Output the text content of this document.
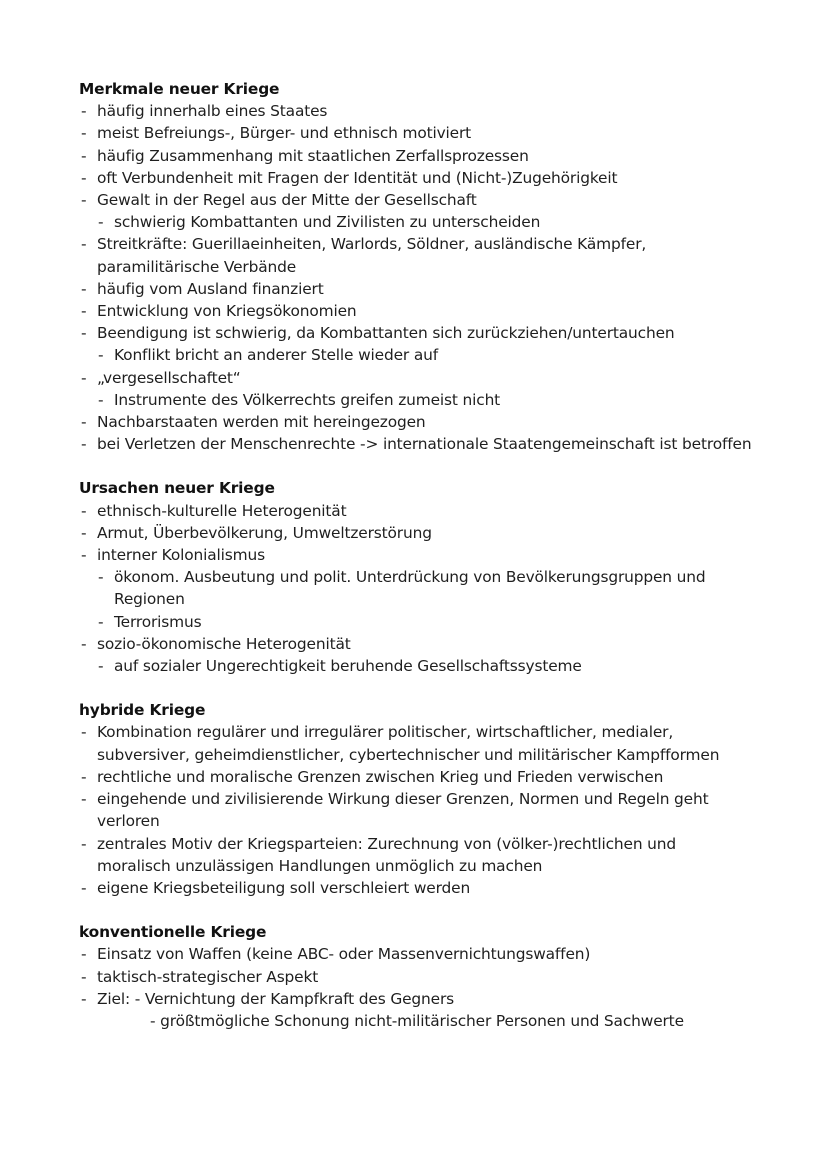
Merkmale neuer Kriege
- häufig innerhalb eines Staates
- meist Befreiungs-, Bürger- und ethnisch motiviert
- häufig Zusammenhang mit staatlichen Zerfallsprozessen
- oft Verbundenheit mit Fragen der Identität und (Nicht-)Zugehörigkeit
- Gewalt in der Regel aus der Mitte der Gesellschaft
- schwierig Kombattanten und Zivilisten zu unterscheiden
- Streitkräfte: Guerillaeinheiten, Warlords, Söldner, ausländische Kämpfer,
paramilitärische Verbände
- häufig vom Ausland finanziert
- Entwicklung von Kriegsökonomien
- Beendigung ist schwierig, da Kombattanten sich zurückziehen/untertauchen
- Konflikt bricht an anderer Stelle wieder auf
- „vergesellschaftet“
- Instrumente des Völkerrechts greifen zumeist nicht
- Nachbarstaaten werden mit hereingezogen
- bei Verletzen der Menschenrechte -> internationale Staatengemeinschaft ist betroffen
Ursachen neuer Kriege
- ethnisch-kulturelle Heterogenität
- Armut, Überbevölkerung, Umweltzerstörung
- interner Kolonialismus
- ökonom. Ausbeutung und polit. Unterdrückung von Bevölkerungsgruppen und
Regionen
- Terrorismus
- sozio-ökonomische Heterogenität
- auf sozialer Ungerechtigkeit beruhende Gesellschaftssysteme
hybride Kriege
- Kombination regulärer und irregulärer politischer, wirtschaftlicher, medialer,
subversiver, geheimdienstlicher, cybertechnischer und militärischer Kampfformen
- rechtliche und moralische Grenzen zwischen Krieg und Frieden verwischen
- eingehende und zivilisierende Wirkung dieser Grenzen, Normen und Regeln geht
verloren
- zentrales Motiv der Kriegsparteien: Zurechnung von (völker-)rechtlichen und
moralisch unzulässigen Handlungen unmöglich zu machen
- eigene Kriegsbeteiligung soll verschleiert werden
konventionelle Kriege
- Einsatz von Waffen (keine ABC- oder Massenvernichtungswaffen)
- taktisch-strategischer Aspekt
- Ziel: - Vernichtung der Kampfkraft des Gegners
- größtmögliche Schonung nicht-militärischer Personen und Sachwerte
